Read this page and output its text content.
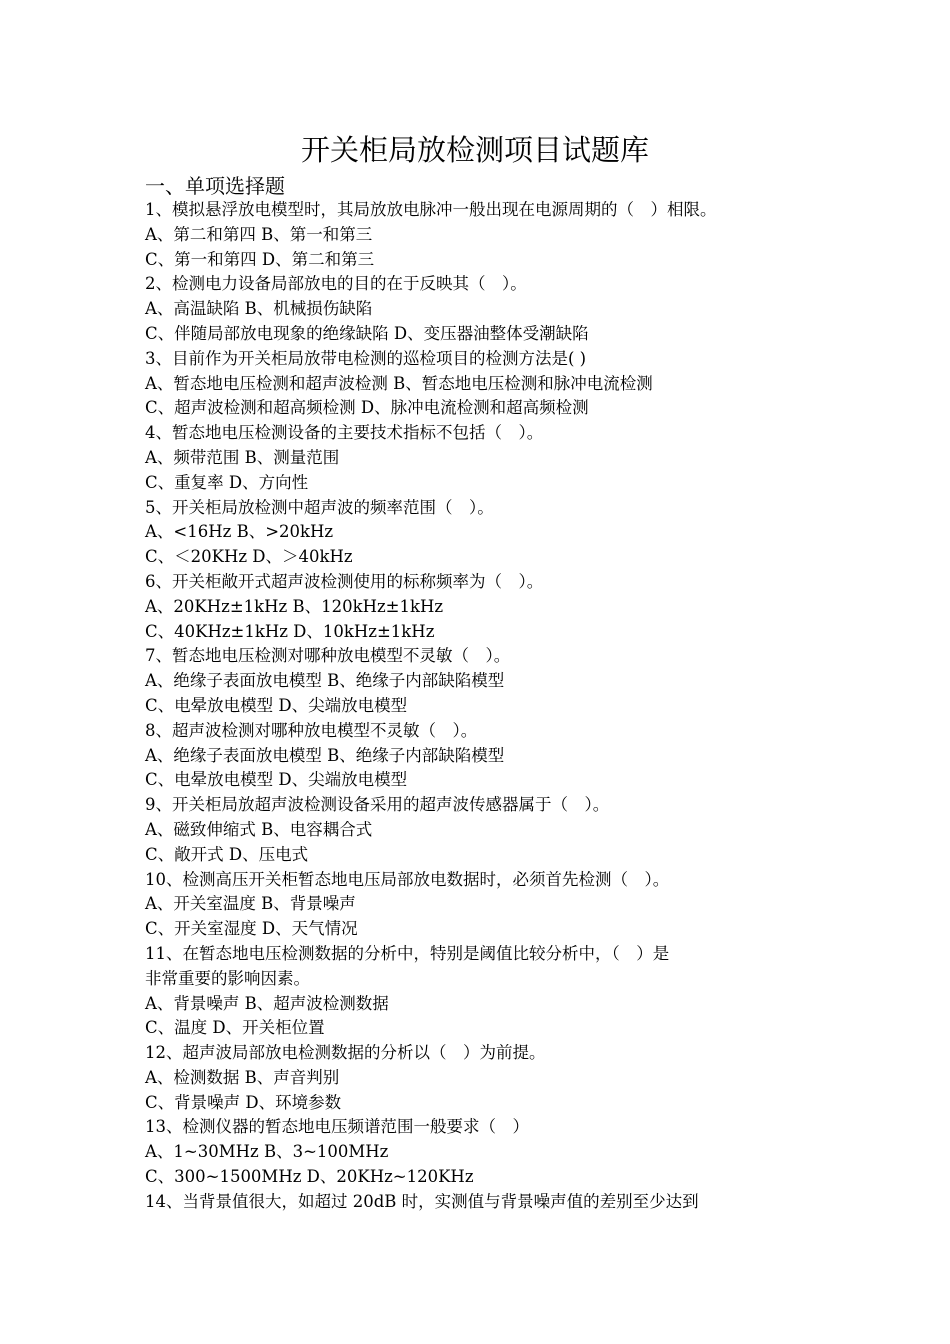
开关柜局放检测项目试题库
一、单项选择题
1、模拟悬浮放电模型时，其局放放电脉冲一般出现在电源周期的（　）相限。
A、第二和第四 B、第一和第三
C、第一和第四 D、第二和第三
2、检测电力设备局部放电的目的在于反映其（　）。
A、高温缺陷 B、机械损伤缺陷
C、伴随局部放电现象的绝缘缺陷 D、变压器油整体受潮缺陷
3、目前作为开关柜局放带电检测的巡检项目的检测方法是( )
A、暂态地电压检测和超声波检测 B、暂态地电压检测和脉冲电流检测
C、超声波检测和超高频检测 D、脉冲电流检测和超高频检测
4、暂态地电压检测设备的主要技术指标不包括（　）。
A、频带范围 B、测量范围
C、重复率 D、方向性
5、开关柜局放检测中超声波的频率范围（　）。
A、<16Hz B、>20kHz
C、＜20KHz D、＞40kHz
6、开关柜敞开式超声波检测使用的标称频率为（　）。
A、20KHz±1kHz B、120kHz±1kHz
C、40KHz±1kHz D、10kHz±1kHz
7、暂态地电压检测对哪种放电模型不灵敏（　）。
A、绝缘子表面放电模型 B、绝缘子内部缺陷模型
C、电晕放电模型 D、尖端放电模型
8、超声波检测对哪种放电模型不灵敏（　）。
A、绝缘子表面放电模型 B、绝缘子内部缺陷模型
C、电晕放电模型 D、尖端放电模型
9、开关柜局放超声波检测设备采用的超声波传感器属于（　）。
A、磁致伸缩式 B、电容耦合式
C、敞开式 D、压电式
10、检测高压开关柜暂态地电压局部放电数据时，必须首先检测（　）。
A、开关室温度 B、背景噪声
C、开关室湿度 D、天气情况
11、在暂态地电压检测数据的分析中，特别是阈值比较分析中，（　）是
非常重要的影响因素。
A、背景噪声 B、超声波检测数据
C、温度 D、开关柜位置
12、超声波局部放电检测数据的分析以（　）为前提。
A、检测数据 B、声音判别
C、背景噪声 D、环境参数
13、检测仪器的暂态地电压频谱范围一般要求（　）
A、1~30MHz B、3~100MHz
C、300~1500MHz D、20KHz~120KHz
14、当背景值很大，如超过 20dB 时，实测值与背景噪声值的差别至少达到
